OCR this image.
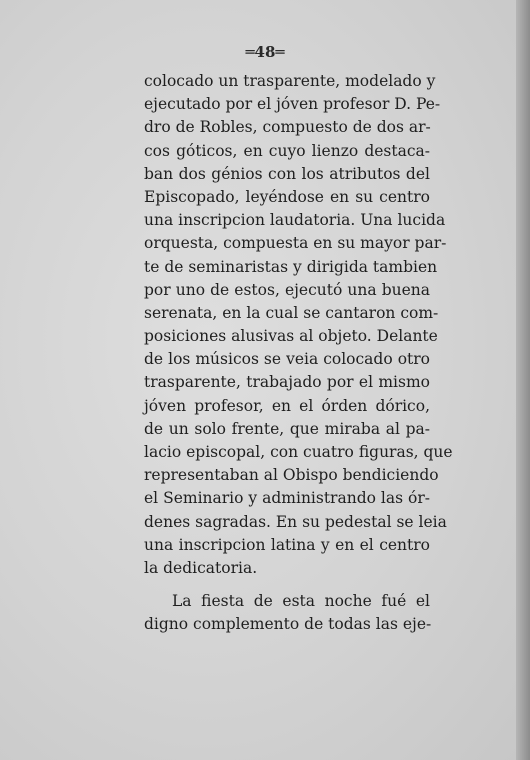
═48═
colocado un trasparente, modelado y
ejecutado por el jóven profesor D. Pe-
dro de Robles, compuesto de dos ar-
cos góticos, en cuyo lienzo destaca-
ban dos génios con los atributos del
Episcopado, leyéndose en su centro
una inscripcion laudatoria. Una lucida
orquesta, compuesta en su mayor par-
te de seminaristas y dirigida tambien
por uno de estos, ejecutó una buena
serenata, en la cual se cantaron com-
posiciones alusivas al objeto. Delante
de los músicos se veia colocado otro
trasparente, trabajado por el mismo
jóven profesor, en el órden dórico,
de un solo frente, que miraba al pa-
lacio episcopal, con cuatro figuras, que
representaban al Obispo bendiciendo
el Seminario y administrando las ór-
denes sagradas. En su pedestal se leia
una inscripcion latina y en el centro
la dedicatoria.
La fiesta de esta noche fué el
digno complemento de todas las eje-
